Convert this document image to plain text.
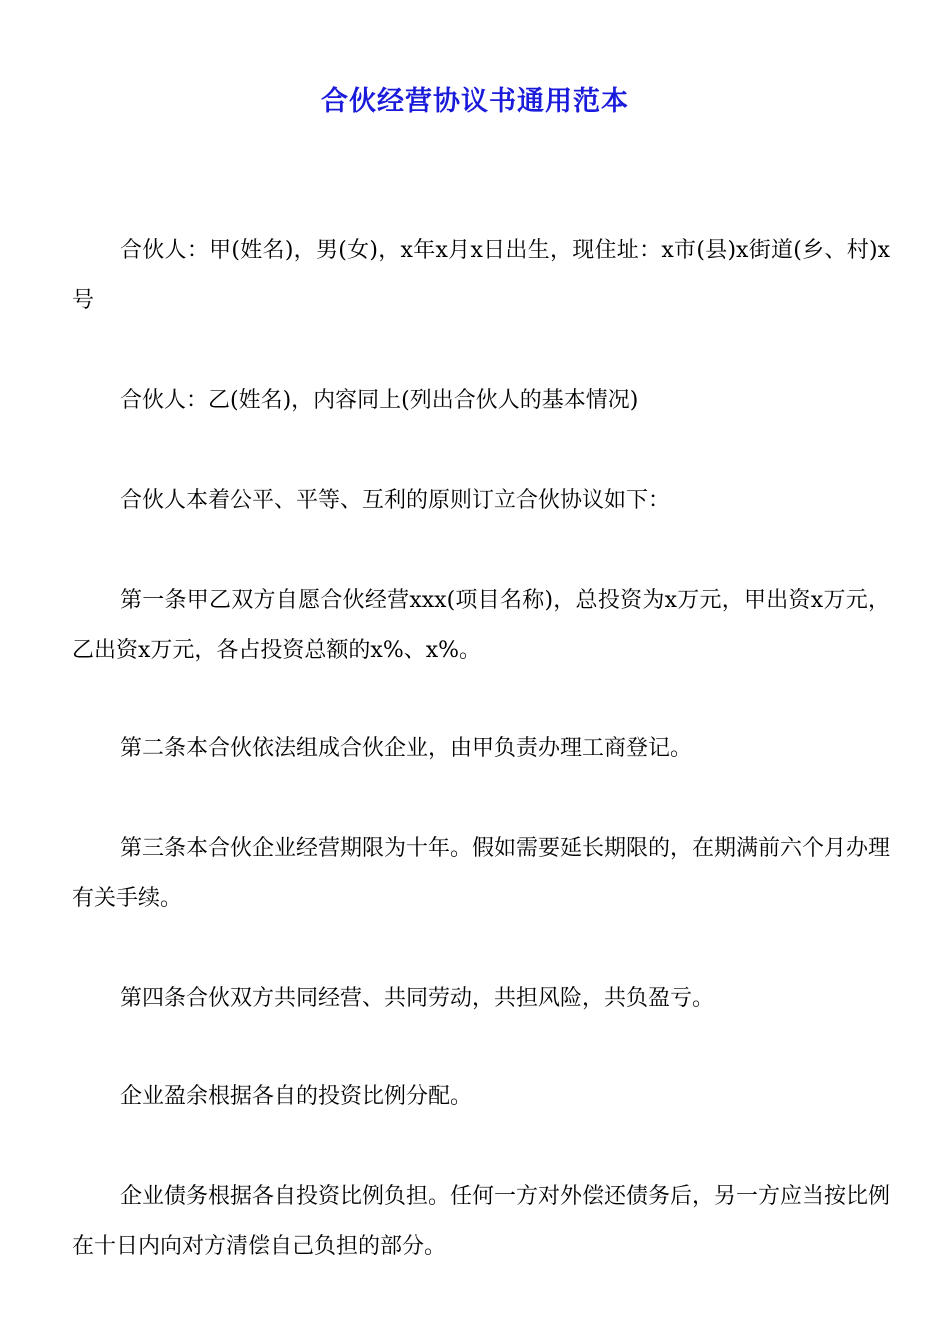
合伙经营协议书通用范本

合伙人：甲(姓名)，男(女)，x年x月x日出生，现住址：x市(县)x街道(乡、村)x号

合伙人：乙(姓名)，内容同上(列出合伙人的基本情况)

合伙人本着公平、平等、互利的原则订立合伙协议如下：

第一条甲乙双方自愿合伙经营xxx(项目名称)，总投资为x万元，甲出资x万元，乙出资x万元，各占投资总额的x%、x%。

第二条本合伙依法组成合伙企业，由甲负责办理工商登记。

第三条本合伙企业经营期限为十年。假如需要延长期限的，在期满前六个月办理有关手续。

第四条合伙双方共同经营、共同劳动，共担风险，共负盈亏。

企业盈余根据各自的投资比例分配。

企业债务根据各自投资比例负担。任何一方对外偿还债务后，另一方应当按比例在十日内向对方清偿自己负担的部分。
